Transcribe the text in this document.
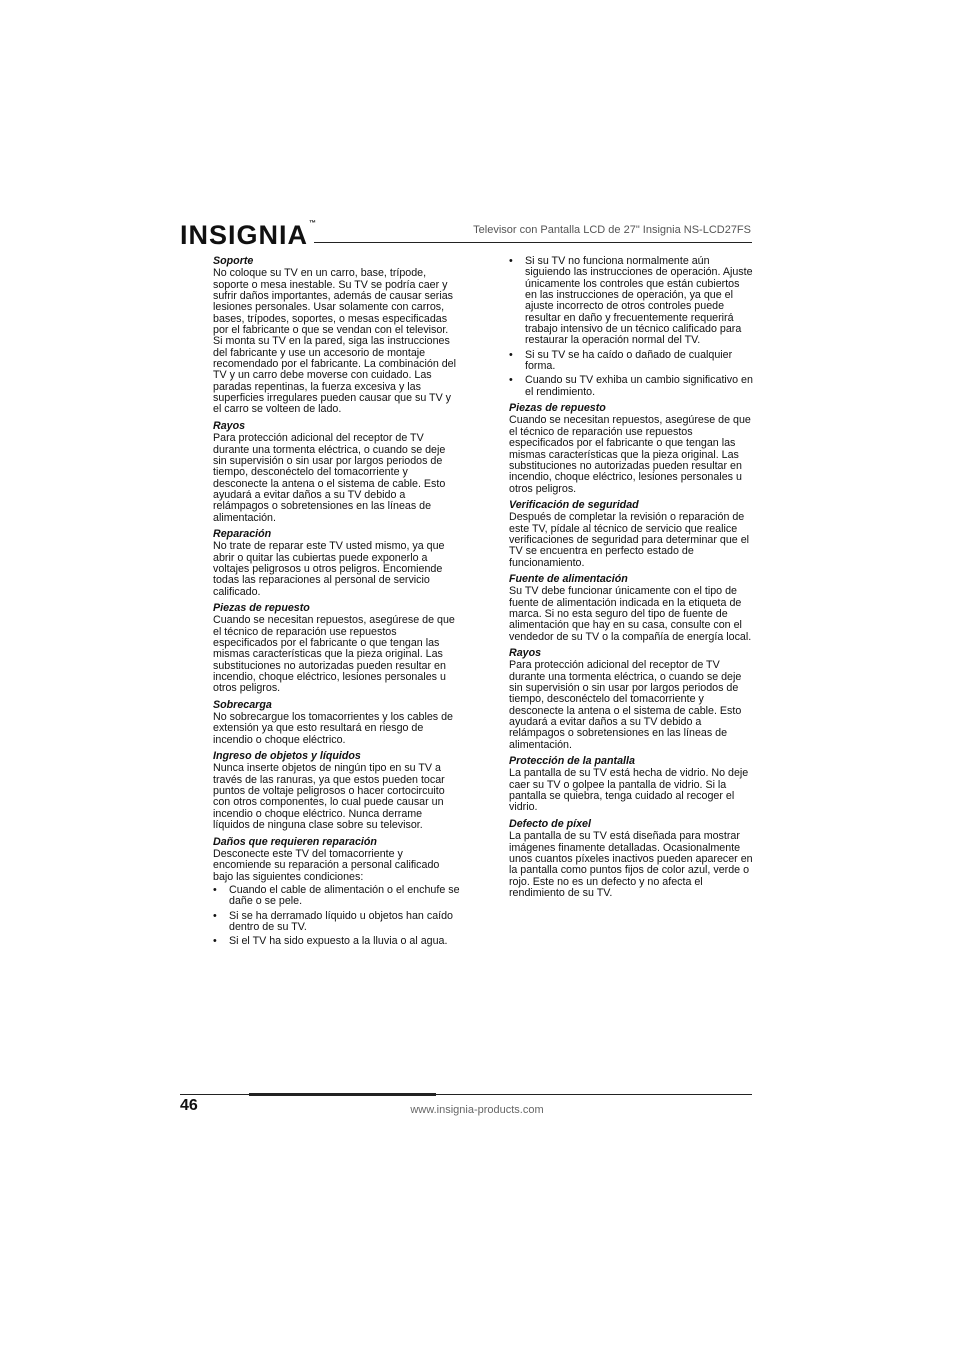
INSIGNIA™
Televisor con Pantalla LCD de 27" Insignia NS-LCD27FS
Soporte

No coloque su TV en un carro, base, trípode, soporte o mesa inestable. Su TV se podría caer y sufrir daños importantes, además de causar serias lesiones personales. Usar solamente con carros, bases, trípodes, soportes, o mesas especificadas por el fabricante o que se vendan con el televisor. Si monta su TV en la pared, siga las instrucciones del fabricante y use un accesorio de montaje recomendado por el fabricante. La combinación del TV y un carro debe moverse con cuidado. Las paradas repentinas, la fuerza excesiva y las superficies irregulares pueden causar que su TV y el carro se volteen de lado.

Rayos

Para protección adicional del receptor de TV durante una tormenta eléctrica, o cuando se deje sin supervisión o sin usar por largos periodos de tiempo, desconéctelo del tomacorriente y desconecte la antena o el sistema de cable. Esto ayudará a evitar daños a su TV debido a relámpagos o sobretensiones en las líneas de alimentación.

Reparación

No trate de reparar este TV usted mismo, ya que abrir o quitar las cubiertas puede exponerlo a voltajes peligrosos u otros peligros. Encomiende todas las reparaciones al personal de servicio calificado.

Piezas de repuesto

Cuando se necesitan repuestos, asegúrese de que el técnico de reparación use repuestos especificados por el fabricante o que tengan las mismas características que la pieza original. Las substituciones no autorizadas pueden resultar en incendio, choque eléctrico, lesiones personales u otros peligros.

Sobrecarga

No sobrecargue los tomacorrientes y los cables de extensión ya que esto resultará en riesgo de incendio o choque eléctrico.

Ingreso de objetos y líquidos

Nunca inserte objetos de ningún tipo en su TV a través de las ranuras, ya que estos pueden tocar puntos de voltaje peligrosos o hacer cortocircuito con otros componentes, lo cual puede causar un incendio o choque eléctrico. Nunca derrame líquidos de ninguna clase sobre su televisor.

Daños que requieren reparación

Desconecte este TV del tomacorriente y encomiende su reparación a personal calificado bajo las siguientes condiciones:

• Cuando el cable de alimentación o el enchufe se dañe o se pele.
• Si se ha derramado líquido u objetos han caído dentro de su TV.
• Si el TV ha sido expuesto a la lluvia o al agua.
• Si su TV no funciona normalmente aún siguiendo las instrucciones de operación. Ajuste únicamente los controles que están cubiertos en las instrucciones de operación, ya que el ajuste incorrecto de otros controles puede resultar en daño y frecuentemente requerirá trabajo intensivo de un técnico calificado para restaurar la operación normal del TV.
• Si su TV se ha caído o dañado de cualquier forma.
• Cuando su TV exhiba un cambio significativo en el rendimiento.
Piezas de repuesto

Cuando se necesitan repuestos, asegúrese de que el técnico de reparación use repuestos especificados por el fabricante o que tengan las mismas características que la pieza original. Las substituciones no autorizadas pueden resultar en incendio, choque eléctrico, lesiones personales u otros peligros.

Verificación de seguridad

Después de completar la revisión o reparación de este TV, pídale al técnico de servicio que realice verificaciones de seguridad para determinar que el TV se encuentra en perfecto estado de funcionamiento.

Fuente de alimentación

Su TV debe funcionar únicamente con el tipo de fuente de alimentación indicada en la etiqueta de marca. Si no esta seguro del tipo de fuente de alimentación que hay en su casa, consulte con el vendedor de su TV o la compañía de energía local.

Rayos

Para protección adicional del receptor de TV durante una tormenta eléctrica, o cuando se deje sin supervisión o sin usar por largos periodos de tiempo, desconéctelo del tomacorriente y desconecte la antena o el sistema de cable. Esto ayudará a evitar daños a su TV debido a relámpagos o sobretensiones en las líneas de alimentación.

Protección de la pantalla

La pantalla de su TV está hecha de vidrio. No deje caer su TV o golpee la pantalla de vidrio. Si la pantalla se quiebra, tenga cuidado al recoger el vidrio.

Defecto de píxel

La pantalla de su TV está diseñada para mostrar imágenes finamente detalladas. Ocasionalmente unos cuantos píxeles inactivos pueden aparecer en la pantalla como puntos fijos de color azul, verde o rojo. Este no es un defecto y no afecta el rendimiento de su TV.

46	www.insignia-products.com
